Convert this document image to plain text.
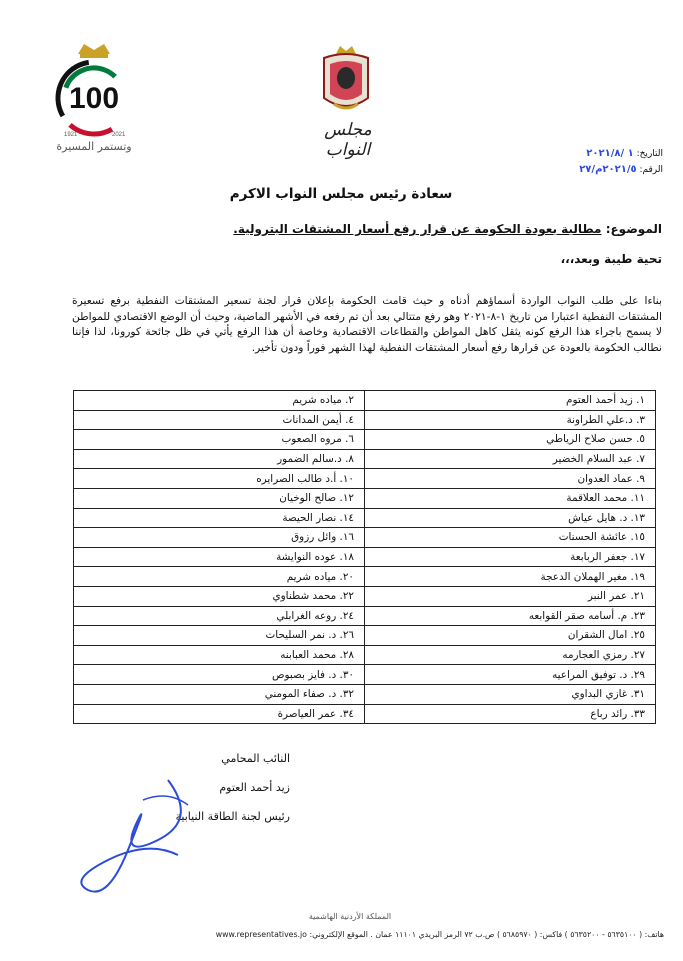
100
1921	2021
وتستمر المسيرة
مجلس النواب	التاريخ: ١ /٢٠٢١/٨
الرقم: ٢٠٢١/٥م/٢٧
سعادة رئيس مجلس النواب الاكرم
الموضوع: مطالبة بعودة الحكومة عن قرار رفع أسعار المشتقات البترولية.
تحية طيبة وبعد،،،
بناءا على طلب النواب الواردة أسماؤهم أدناه و حيث قامت الحكومة بإعلان قرار لجنة تسعير المشتقات النفطية برفع تسعيرة المشتقات النفطية اعتبارا من تاريخ ١-٨-٢٠٢١ وهو رفع متتالي بعد أن تم رفعه في الأشهر الماضية، وحيث أن الوضع الاقتصادي للمواطن لا يسمح باجراء هذا الرفع كونه يثقل كاهل المواطن والقطاعات الاقتصادية وخاصة أن هذا الرفع يأتي في ظل جائحة كورونا، لذا فإننا نطالب الحكومة بالعودة عن قرارها رفع أسعار المشتقات النفطية لهذا الشهر فوراً ودون تأخير.
١. زيد أحمد العتوم	٢. مياده شريم
٣. د.علي الطراونة	٤. أيمن المدانات
٥. حسن صلاح الرياطي	٦. مروه الصعوب
٧. عبد السلام الخضير	٨. د.سالم الضمور
٩. عماد العدوان	١٠. أ.د طالب الصرايره
١١. محمد العلاقمة	١٢. صالح الوخيان
١٣. د. هايل عياش	١٤. نصار الحيصة
١٥. عائشة الحسنات	١٦. وائل رزوق
١٧. جعفر الربابعة	١٨. عوده النوايشة
١٩. مغير الهملان الدعجة	٢٠. مياده شريم
٢١. عمر النبر	٢٢. محمد شطناوي
٢٣. م. أسامه صقر القوابعه	٢٤. روعه الغرابلي
٢٥. امال الشقران	٢٦. د. نمر السليحات
٢٧. رمزي العجارمه	٢٨. محمد العبابنه
٢٩. د. توفيق المراعيه	٣٠. د. فايز بصبوص
٣١. غازي البداوي	٣٢. د. صفاء المومني
٣٣. رائد رباع	٣٤. عمر العياصرة
النائب المحامي
زيد أحمد العتوم
رئيس لجنة الطاقة النيابية
المملكة الأردنية الهاشمية
هاتف: ( ٥٦٣٥١٠٠ - ٥٦٣٥٢٠٠ ) فاكس: ( ٥٦٨٥٩٧٠ ) ص.ب ٧٢ الرمز البريدي ١١١٠١ عمان . الموقع الإلكتروني: www.representatives.jo
